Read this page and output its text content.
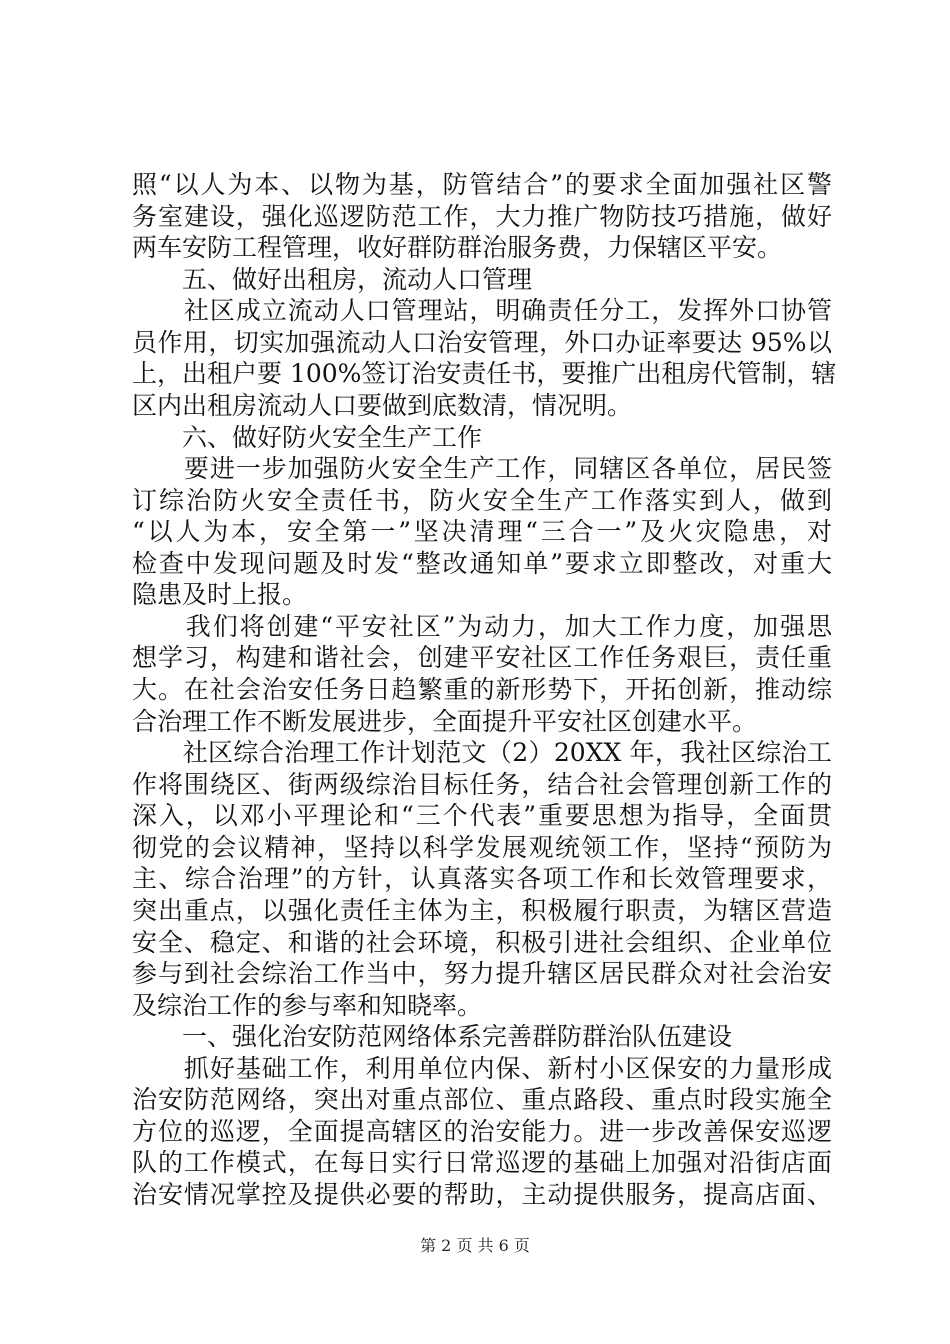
照“以人为本、以物为基，防管结合”的要求全面加强社区警
务室建设，强化巡逻防范工作，大力推广物防技巧措施，做好
两车安防工程管理，收好群防群治服务费，力保辖区平安。
　　五、做好出租房，流动人口管理
　　社区成立流动人口管理站，明确责任分工，发挥外口协管
员作用，切实加强流动人口治安管理，外口办证率要达 95%以
上，出租户要 100%签订治安责任书，要推广出租房代管制，辖
区内出租房流动人口要做到底数清，情况明。
　　六、做好防火安全生产工作
　　要进一步加强防火安全生产工作，同辖区各单位，居民签
订综治防火安全责任书，防火安全生产工作落实到人，做到
“以人为本，安全第一”坚决清理“三合一”及火灾隐患，对
检查中发现问题及时发“整改通知单”要求立即整改，对重大
隐患及时上报。
　　我们将创建“平安社区”为动力，加大工作力度，加强思
想学习，构建和谐社会，创建平安社区工作任务艰巨，责任重
大。在社会治安任务日趋繁重的新形势下，开拓创新，推动综
合治理工作不断发展进步，全面提升平安社区创建水平。
　　社区综合治理工作计划范文（2）20XX 年，我社区综治工
作将围绕区、街两级综治目标任务，结合社会管理创新工作的
深入，以邓小平理论和“三个代表”重要思想为指导，全面贯
彻党的会议精神，坚持以科学发展观统领工作，坚持“预防为
主、综合治理”的方针，认真落实各项工作和长效管理要求，
突出重点，以强化责任主体为主，积极履行职责，为辖区营造
安全、稳定、和谐的社会环境，积极引进社会组织、企业单位
参与到社会综治工作当中，努力提升辖区居民群众对社会治安
及综治工作的参与率和知晓率。
　　一、强化治安防范网络体系完善群防群治队伍建设
　　抓好基础工作，利用单位内保、新村小区保安的力量形成
治安防范网络，突出对重点部位、重点路段、重点时段实施全
方位的巡逻，全面提高辖区的治安能力。进一步改善保安巡逻
队的工作模式，在每日实行日常巡逻的基础上加强对沿街店面
治安情况掌控及提供必要的帮助，主动提供服务，提高店面、
第 2 页 共 6 页
